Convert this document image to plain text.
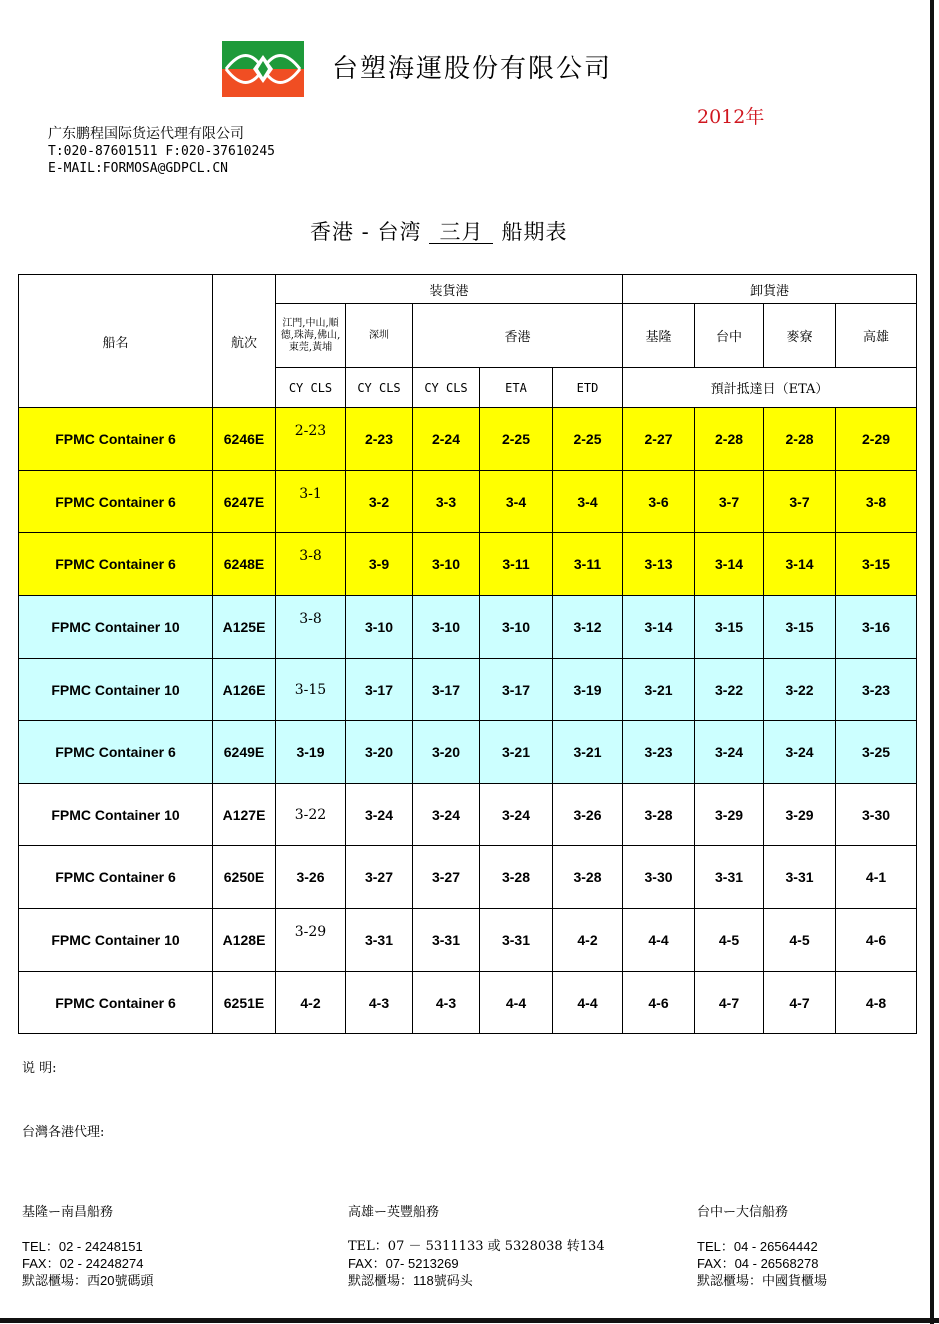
台塑海運股份有限公司
2012年
广东鹏程国际货运代理有限公司
T:020-87601511 F:020-37610245
E-MAIL:FORMOSA@GDPCL.CN
香港 - 台湾 三月 船期表
船名	航次	装貨港					卸貨港			
		江門,中山,順德,珠海,佛山,東莞,黃埔	深圳	香港			基隆	台中	麥寮	高雄
		CY CLS	CY CLS	CY CLS	ETA	ETD	預計抵達日（ETA）			
FPMC Container 6	6246E	2-23	2-23	2-24	2-25	2-25	2-27	2-28	2-28	2-29
FPMC Container 6	6247E	3-1	3-2	3-3	3-4	3-4	3-6	3-7	3-7	3-8
FPMC Container 6	6248E	3-8	3-9	3-10	3-11	3-11	3-13	3-14	3-14	3-15
FPMC Container 10	A125E	3-8	3-10	3-10	3-10	3-12	3-14	3-15	3-15	3-16
FPMC Container 10	A126E	3-15	3-17	3-17	3-17	3-19	3-21	3-22	3-22	3-23
FPMC Container 6	6249E	3-19	3-20	3-20	3-21	3-21	3-23	3-24	3-24	3-25
FPMC Container 10	A127E	3-22	3-24	3-24	3-24	3-26	3-28	3-29	3-29	3-30
FPMC Container 6	6250E	3-26	3-27	3-27	3-28	3-28	3-30	3-31	3-31	4-1
FPMC Container 10	A128E	3-29	3-31	3-31	3-31	4-2	4-4	4-5	4-5	4-6
FPMC Container 6	6251E	4-2	4-3	4-3	4-4	4-4	4-6	4-7	4-7	4-8
说 明:
台灣各港代理:
基隆ー南昌船務
TEL：02 - 24248151
FAX：02 - 24248274
默認櫃場：西20號碼頭
高雄ー英豐船務
TEL：07 － 5311133 或 5328038 转134
FAX：07- 5213269
默認櫃場：118號码头
台中ー大信船務
TEL：04 - 26564442
FAX：04 - 26568278
默認櫃場：中國貨櫃場
